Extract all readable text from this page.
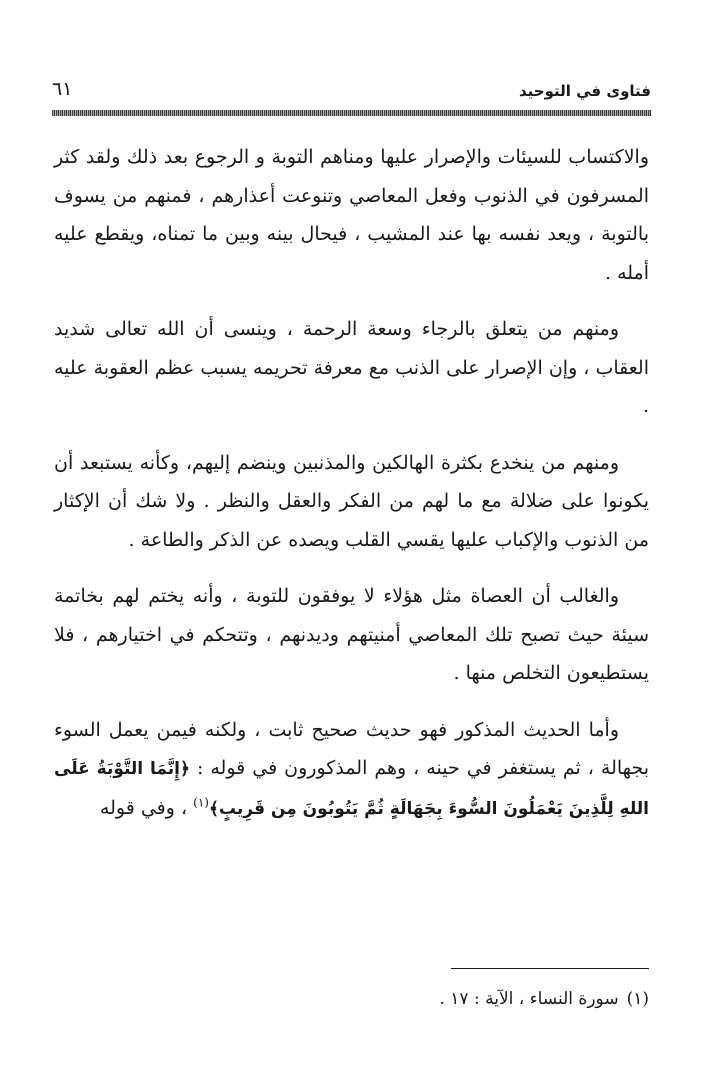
فتاوى في التوحيد
٦١

والاكتساب للسيئات والإصرار عليها ومناهم التوبة و الرجوع بعد ذلك ولقد كثر المسرفون في الذنوب وفعل المعاصي وتنوعت أعذارهم ، فمنهم من يسوف بالتوبة ، ويعد نفسه بها عند المشيب ، فيحال بينه وبين ما تمناه، ويقطع عليه أمله .

ومنهم من يتعلق بالرجاء وسعة الرحمة ، وينسى أن الله تعالى شديد العقاب ، وإن الإصرار على الذنب مع معرفة تحريمه يسبب عظم العقوبة عليه .

ومنهم من ينخدع بكثرة الهالكين والمذنبين وينضم إليهم، وكأنه يستبعد أن يكونوا على ضلالة مع ما لهم من الفكر والعقل والنظر . ولا شك أن الإكثار من الذنوب والإكباب عليها يقسي القلب ويصده عن الذكر والطاعة .

والغالب أن العصاة مثل هؤلاء لا يوفقون للتوبة ، وأنه يختم لهم بخاتمة سيئة حيث تصبح تلك المعاصي أمنيتهم وديدنهم ، وتتحكم في اختيارهم ، فلا يستطيعون التخلص منها .

وأما الحديث المذكور فهو حديث صحيح ثابت ، ولكنه فيمن يعمل السوء بجهالة ، ثم يستغفر في حينه ، وهم المذكورون في قوله : ﴿إِنَّمَا التَّوْبَةُ عَلَى اللهِ لِلَّذِينَ يَعْمَلُونَ السُّوءَ بِجَهَالَةٍ ثُمَّ يَتُوبُونَ مِن قَرِيبٍ﴾$^{(١)}$ ، وفي قوله

(١)سورة النساء ، الآية : ١٧ .
